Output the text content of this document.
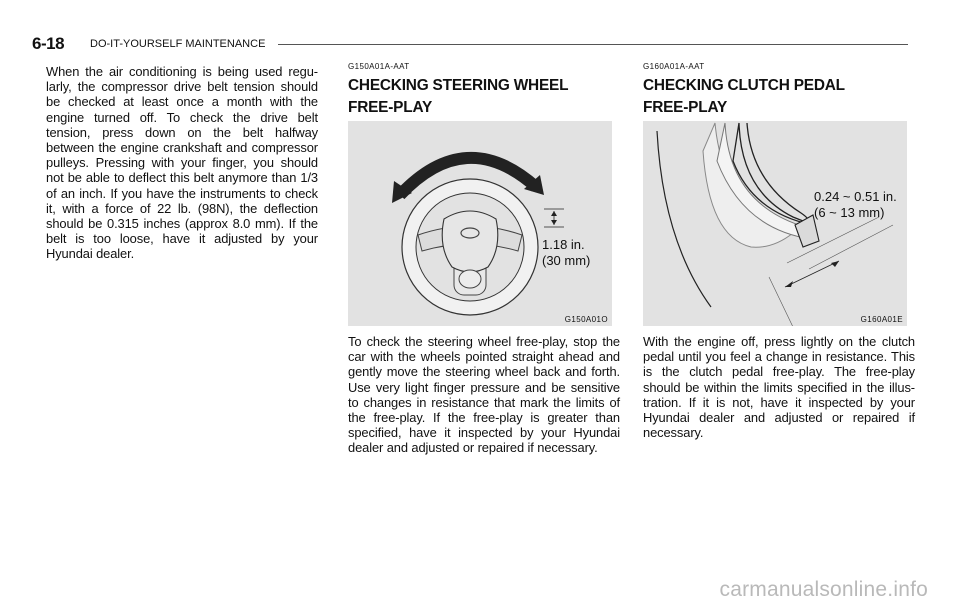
6-18 DO-IT-YOURSELF MAINTENANCE

When the air conditioning is being used regu-larly, the compressor drive belt tension should be checked at least once a month with the engine turned off. To check the drive belt tension, press down on the belt halfway between the engine crankshaft and compressor pulleys. Pressing with your finger, you should not be able to deflect this belt anymore than 1/3 of an inch. If you have the instruments to check it, with a force of 22 lb. (98N), the deflection should be 0.315 inches (approx 8.0 mm). If the belt is too loose, have it adjusted by your Hyundai dealer.

G150A01A-AAT

CHECKING STEERING WHEEL
FREE-PLAY
1.18 in.
(30 mm)
G150A01O

To check the steering wheel free-play, stop the car with the wheels pointed straight ahead and gently move the steering wheel back and forth. Use very light finger pressure and be sensitive to changes in resistance that mark the limits of the free-play. If the free-play is greater than specified, have it inspected by your Hyundai dealer and adjusted or repaired if necessary.

G160A01A-AAT

CHECKING CLUTCH PEDAL
FREE-PLAY
0.24 ~ 0.51 in.
(6 ~ 13 mm)
G160A01E

With the engine off, press lightly on the clutch pedal until you feel a change in resistance. This is the clutch pedal free-play. The free-play should be within the limits specified in the illus-tration. If it is not, have it inspected by your Hyundai dealer and adjusted or repaired if necessary.

carmanualsonline.info
